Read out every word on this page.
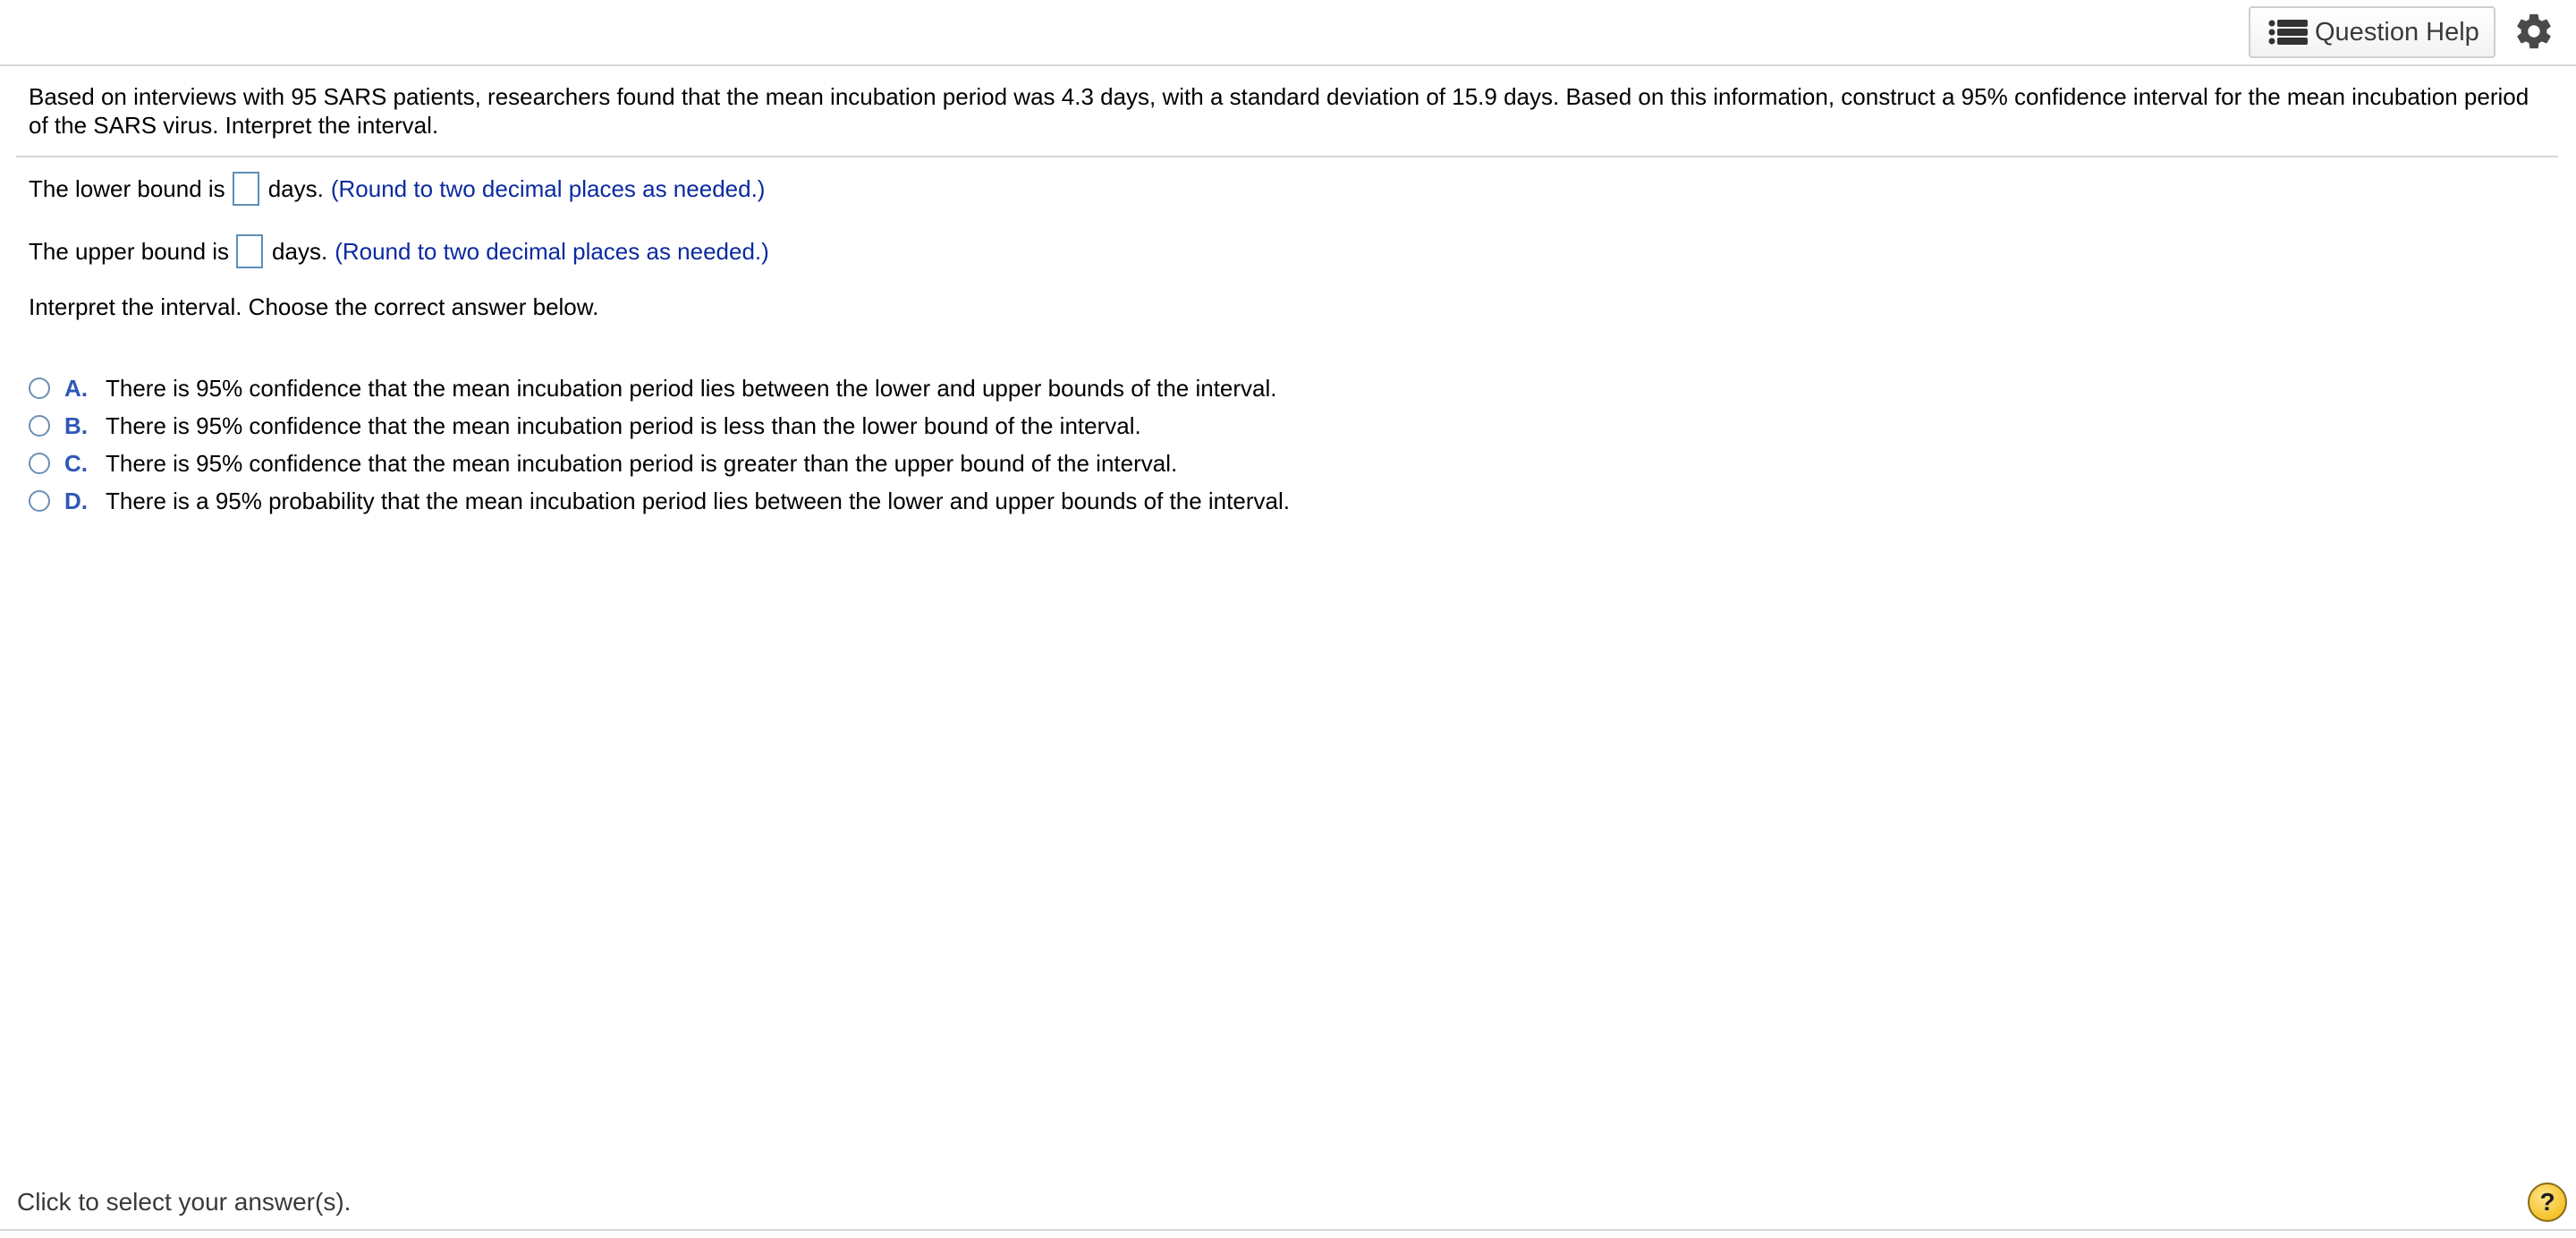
Question Help
Based on interviews with 95 SARS patients, researchers found that the mean incubation period was 4.3 days, with a standard deviation of 15.9 days. Based on this information, construct a 95% confidence interval for the mean incubation period of the SARS virus. Interpret the interval.
The lower bound is days. (Round to two decimal places as needed.)
The upper bound is days. (Round to two decimal places as needed.)
Interpret the interval. Choose the correct answer below.
A. There is 95% confidence that the mean incubation period lies between the lower and upper bounds of the interval.
B. There is 95% confidence that the mean incubation period is less than the lower bound of the interval.
C. There is 95% confidence that the mean incubation period is greater than the upper bound of the interval.
D. There is a 95% probability that the mean incubation period lies between the lower and upper bounds of the interval.
Click to select your answer(s).	?
